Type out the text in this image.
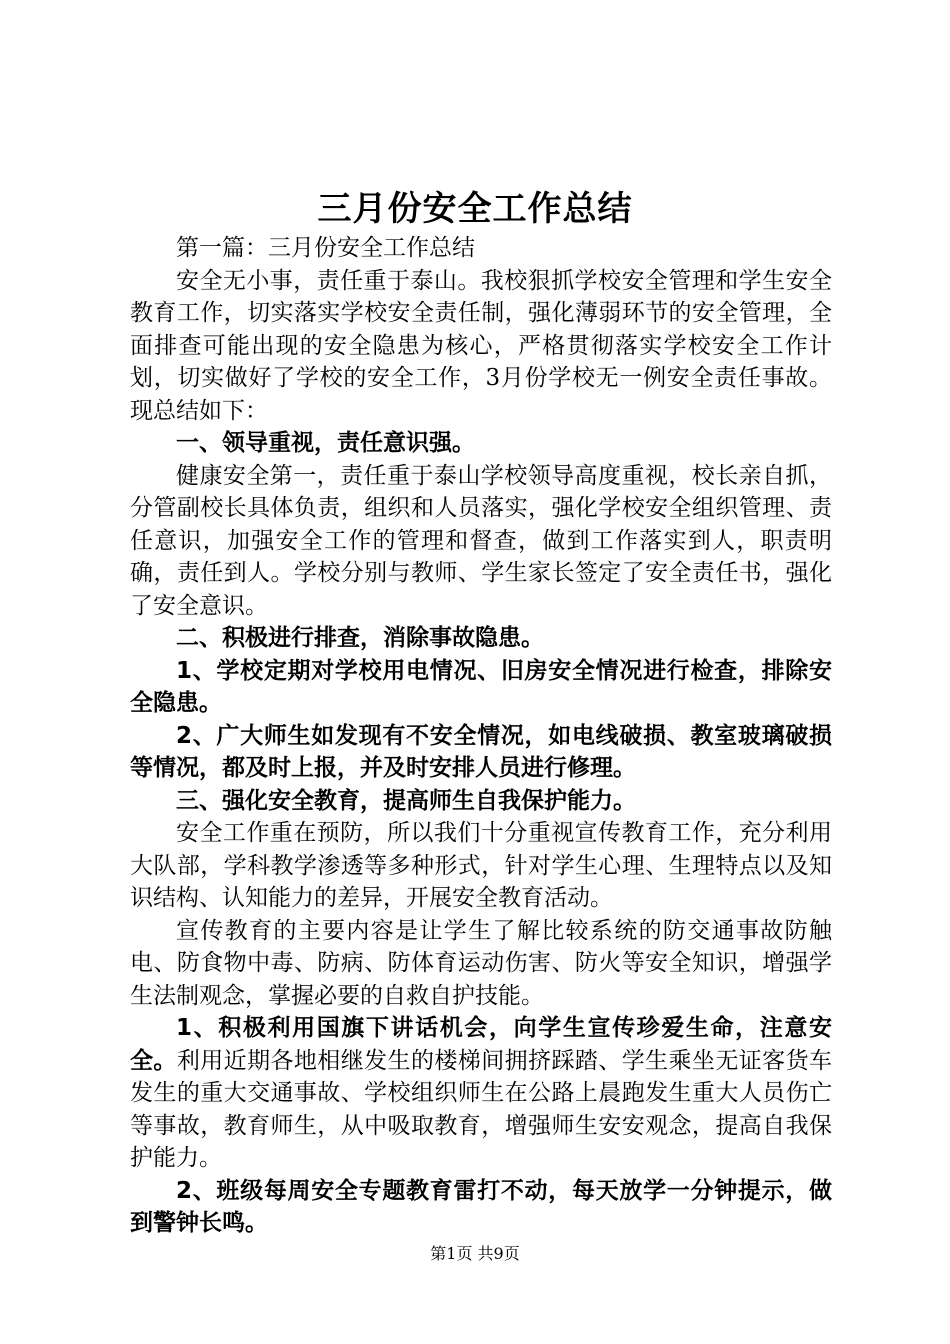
三月份安全工作总结

第一篇：三月份安全工作总结

安全无小事，责任重于泰山。我校狠抓学校安全管理和学生安全教育工作，切实落实学校安全责任制，强化薄弱环节的安全管理，全面排查可能出现的安全隐患为核心，严格贯彻落实学校安全工作计划，切实做好了学校的安全工作，3月份学校无一例安全责任事故。现总结如下：

一、领导重视，责任意识强。

健康安全第一，责任重于泰山学校领导高度重视，校长亲自抓，分管副校长具体负责，组织和人员落实，强化学校安全组织管理、责任意识，加强安全工作的管理和督查，做到工作落实到人，职责明确，责任到人。学校分别与教师、学生家长签定了安全责任书，强化了安全意识。

二、积极进行排查，消除事故隐患。

1、学校定期对学校用电情况、旧房安全情况进行检查，排除安全隐患。

2、广大师生如发现有不安全情况，如电线破损、教室玻璃破损等情况，都及时上报，并及时安排人员进行修理。

三、强化安全教育，提高师生自我保护能力。

安全工作重在预防，所以我们十分重视宣传教育工作，充分利用大队部，学科教学渗透等多种形式，针对学生心理、生理特点以及知识结构、认知能力的差异，开展安全教育活动。

宣传教育的主要内容是让学生了解比较系统的防交通事故防触电、防食物中毒、防病、防体育运动伤害、防火等安全知识，增强学生法制观念，掌握必要的自救自护技能。

1、积极利用国旗下讲话机会，向学生宣传珍爱生命，注意安全。利用近期各地相继发生的楼梯间拥挤踩踏、学生乘坐无证客货车发生的重大交通事故、学校组织师生在公路上晨跑发生重大人员伤亡等事故，教育师生，从中吸取教育，增强师生安安观念，提高自我保护能力。

2、班级每周安全专题教育雷打不动，每天放学一分钟提示，做到警钟长鸣。

第1页 共9页
